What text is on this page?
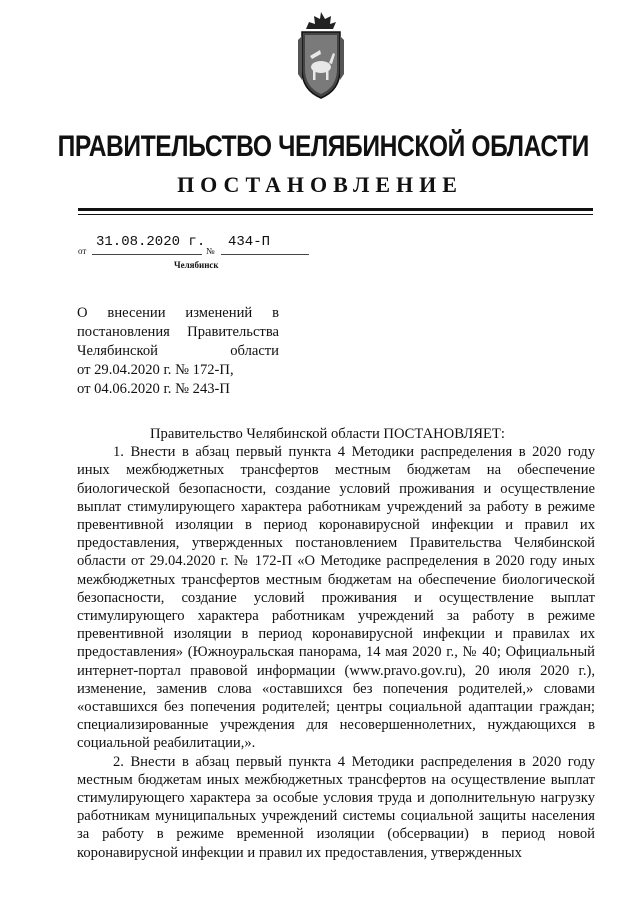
ПРАВИТЕЛЬСТВО ЧЕЛЯБИНСКОЙ ОБЛАСТИ
ПОСТАНОВЛЕНИЕ
от
31.08.2020 г.
№
434-П
Челябинск
О внесении изменений в
постановления Правительства
Челябинской области
от 29.04.2020 г. № 172-П,
от 04.06.2020 г. № 243-П

Правительство Челябинской области ПОСТАНОВЛЯЕТ:

1. Внести в абзац первый пункта 4 Методики распределения в 2020 году иных межбюджетных трансфертов местным бюджетам на обеспечение биологической безопасности, создание условий проживания и осуществление выплат стимулирующего характера работникам учреждений за работу в режиме превентивной изоляции в период коронавирусной инфекции и правил их предоставления, утвержденных постановлением Правительства Челябинской области от 29.04.2020 г. № 172-П «О Методике распределения в 2020 году иных межбюджетных трансфертов местным бюджетам на обеспечение биологической безопасности, создание условий проживания и осуществление выплат стимулирующего характера работникам учреждений за работу в режиме превентивной изоляции в период коронавирусной инфекции и правилах их предоставления» (Южноуральская панорама, 14 мая 2020 г., № 40; Официальный интернет-портал правовой информации (www.pravo.gov.ru), 20 июля 2020 г.), изменение, заменив слова «оставшихся без попечения родителей,» словами «оставшихся без попечения родителей; центры социальной адаптации граждан; специализированные учреждения для несовершеннолетних, нуждающихся в социальной реабилитации,».

2. Внести в абзац первый пункта 4 Методики распределения в 2020 году местным бюджетам иных межбюджетных трансфертов на осуществление выплат стимулирующего характера за особые условия труда и дополнительную нагрузку работникам муниципальных учреждений системы социальной защиты населения за работу в режиме временной изоляции (обсервации) в период новой коронавирусной инфекции и правил их предоставления, утвержденных
